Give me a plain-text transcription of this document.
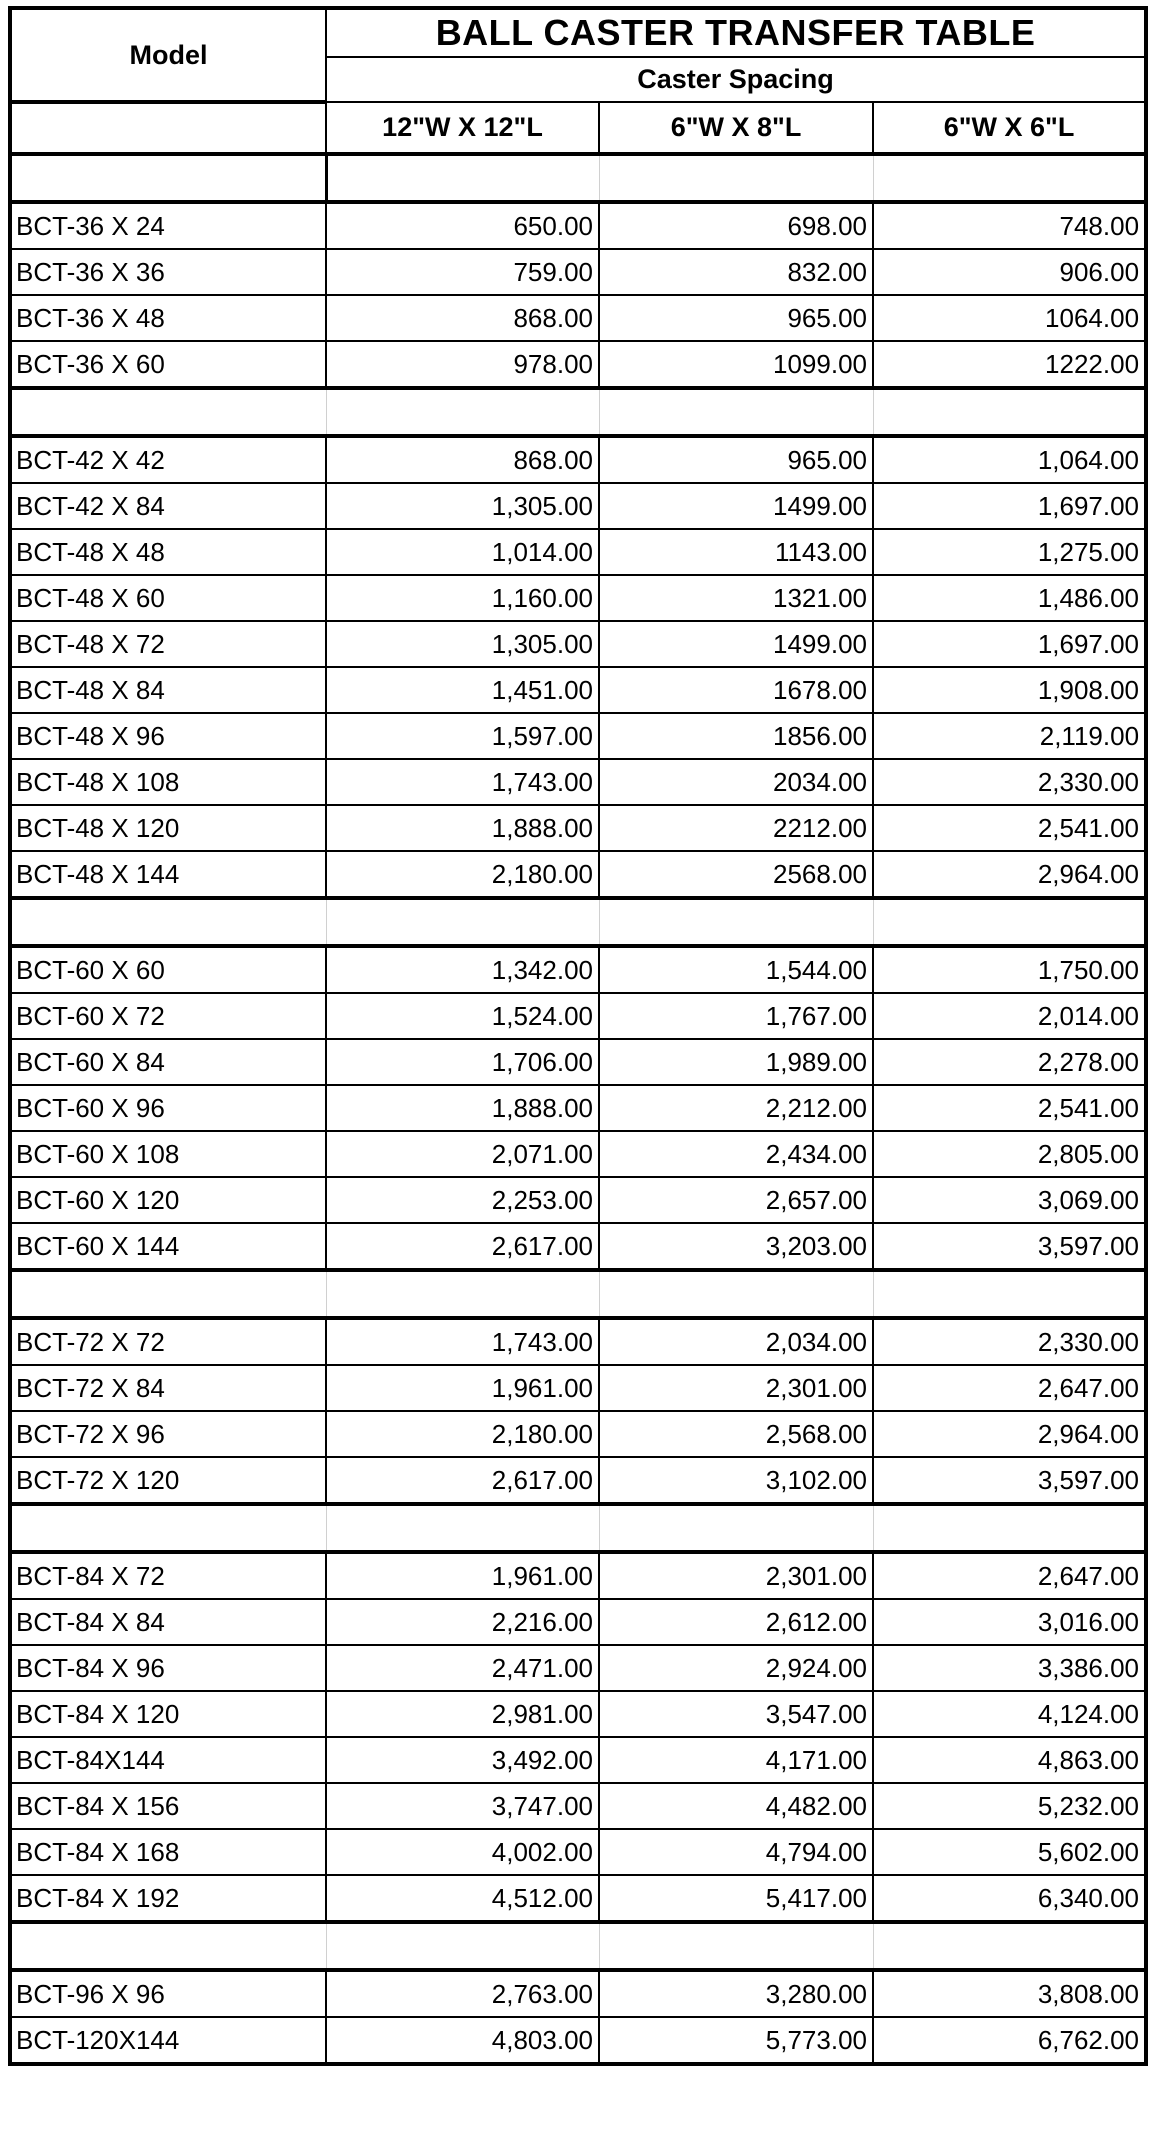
Model	BALL CASTER TRANSFER TABLE		
	Caster Spacing		
	12"W X 12"L	6"W X 8"L	6"W X 6"L

BCT-36 X 24	650.00	698.00	748.00
BCT-36 X 36	759.00	832.00	906.00
BCT-36 X 48	868.00	965.00	1064.00
BCT-36 X 60	978.00	1099.00	1222.00

BCT-42 X 42	868.00	965.00	1,064.00
BCT-42 X 84	1,305.00	1499.00	1,697.00
BCT-48 X 48	1,014.00	1143.00	1,275.00
BCT-48 X 60	1,160.00	1321.00	1,486.00
BCT-48 X 72	1,305.00	1499.00	1,697.00
BCT-48 X 84	1,451.00	1678.00	1,908.00
BCT-48 X 96	1,597.00	1856.00	2,119.00
BCT-48 X 108	1,743.00	2034.00	2,330.00
BCT-48 X 120	1,888.00	2212.00	2,541.00
BCT-48 X 144	2,180.00	2568.00	2,964.00

BCT-60 X 60	1,342.00	1,544.00	1,750.00
BCT-60 X 72	1,524.00	1,767.00	2,014.00
BCT-60 X 84	1,706.00	1,989.00	2,278.00
BCT-60 X 96	1,888.00	2,212.00	2,541.00
BCT-60 X 108	2,071.00	2,434.00	2,805.00
BCT-60 X 120	2,253.00	2,657.00	3,069.00
BCT-60 X 144	2,617.00	3,203.00	3,597.00

BCT-72 X 72	1,743.00	2,034.00	2,330.00
BCT-72 X 84	1,961.00	2,301.00	2,647.00
BCT-72 X 96	2,180.00	2,568.00	2,964.00
BCT-72 X 120	2,617.00	3,102.00	3,597.00

BCT-84 X 72	1,961.00	2,301.00	2,647.00
BCT-84 X 84	2,216.00	2,612.00	3,016.00
BCT-84 X 96	2,471.00	2,924.00	3,386.00
BCT-84 X 120	2,981.00	3,547.00	4,124.00
BCT-84X144	3,492.00	4,171.00	4,863.00
BCT-84 X 156	3,747.00	4,482.00	5,232.00
BCT-84 X 168	4,002.00	4,794.00	5,602.00
BCT-84 X 192	4,512.00	5,417.00	6,340.00

BCT-96 X 96	2,763.00	3,280.00	3,808.00
BCT-120X144	4,803.00	5,773.00	6,762.00
